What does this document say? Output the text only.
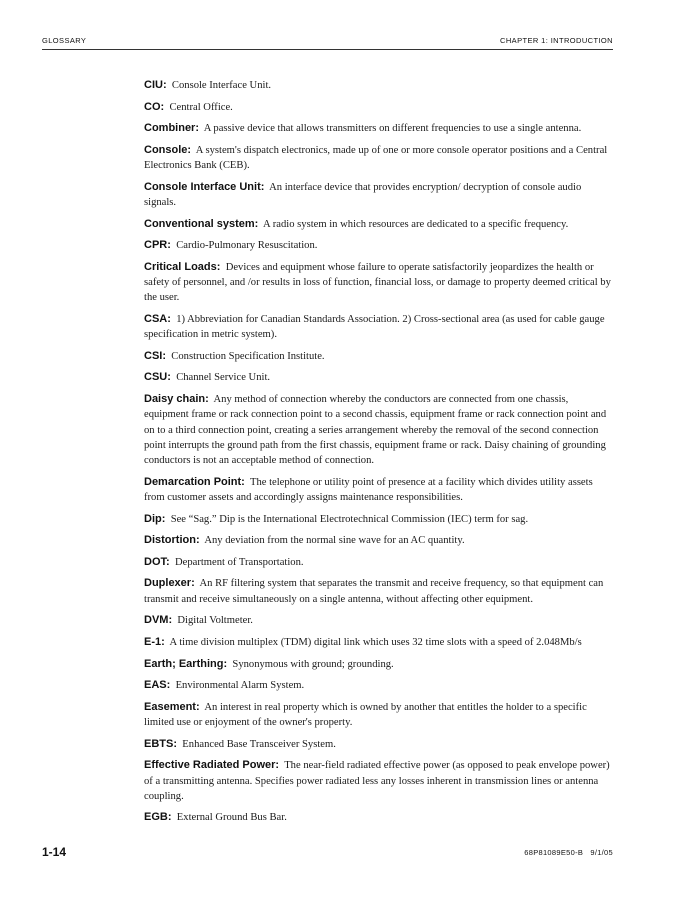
GLOSSARY	CHAPTER 1: INTRODUCTION

CIU: Console Interface Unit.

CO: Central Office.

Combiner: A passive device that allows transmitters on different frequencies to use a single antenna.

Console: A system's dispatch electronics, made up of one or more console operator positions and a Central Electronics Bank (CEB).

Console Interface Unit: An interface device that provides encryption/ decryption of console audio signals.

Conventional system: A radio system in which resources are dedicated to a specific frequency.

CPR: Cardio-Pulmonary Resuscitation.

Critical Loads: Devices and equipment whose failure to operate satisfactorily jeopardizes the health or safety of personnel, and /or results in loss of function, financial loss, or damage to property deemed critical by the user.

CSA: 1) Abbreviation for Canadian Standards Association. 2) Cross-sectional area (as used for cable gauge specification in metric system).

CSI: Construction Specification Institute.

CSU: Channel Service Unit.

Daisy chain: Any method of connection whereby the conductors are connected from one chassis, equipment frame or rack connection point to a second chassis, equipment frame or rack connection point and on to a third connection point, creating a series arrangement whereby the removal of the second connection point interrupts the ground path from the first chassis, equipment frame or rack. Daisy chaining of grounding conductors is not an acceptable method of connection.

Demarcation Point: The telephone or utility point of presence at a facility which divides utility assets from customer assets and accordingly assigns maintenance responsibilities.

Dip: See “Sag.” Dip is the International Electrotechnical Commission (IEC) term for sag.

Distortion: Any deviation from the normal sine wave for an AC quantity.

DOT: Department of Transportation.

Duplexer: An RF filtering system that separates the transmit and receive frequency, so that equipment can transmit and receive simultaneously on a single antenna, without affecting other equipment.

DVM: Digital Voltmeter.

E-1: A time division multiplex (TDM) digital link which uses 32 time slots with a speed of 2.048Mb/s

Earth; Earthing: Synonymous with ground; grounding.

EAS: Environmental Alarm System.

Easement: An interest in real property which is owned by another that entitles the holder to a specific limited use or enjoyment of the owner's property.

EBTS: Enhanced Base Transceiver System.

Effective Radiated Power: The near-field radiated effective power (as opposed to peak envelope power) of a transmitting antenna. Specifies power radiated less any losses inherent in transmission lines or antenna coupling.

EGB: External Ground Bus Bar.

1-14	68P81089E50-B   9/1/05
